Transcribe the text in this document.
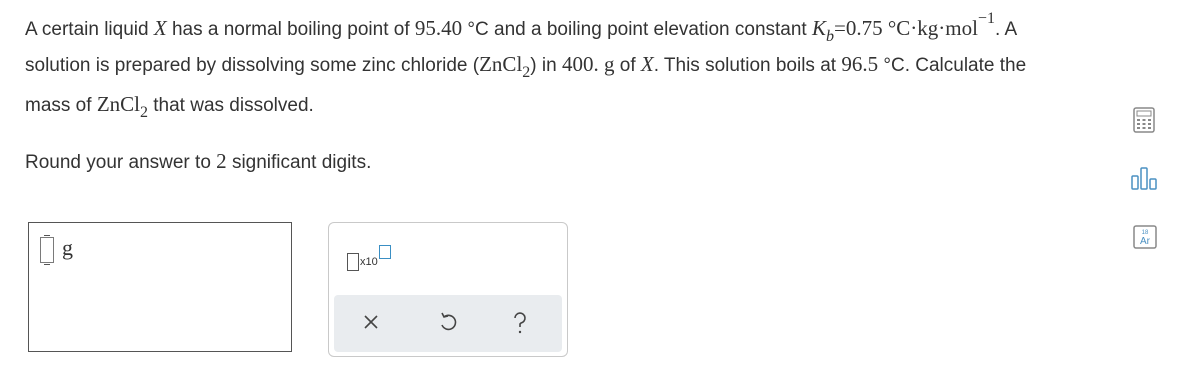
A certain liquid X has a normal boiling point of 95.40 °C and a boiling point elevation constant $K_b=0.75$ °C·kg·mol$^{-1}$. A
solution is prepared by dissolving some zinc chloride (ZnCl$_2$) in 400. g of X. This solution boils at 96.5 °C. Calculate the
mass of ZnCl$_2$ that was dissolved.
Round your answer to 2 significant digits.
18
Ar
g
x10
